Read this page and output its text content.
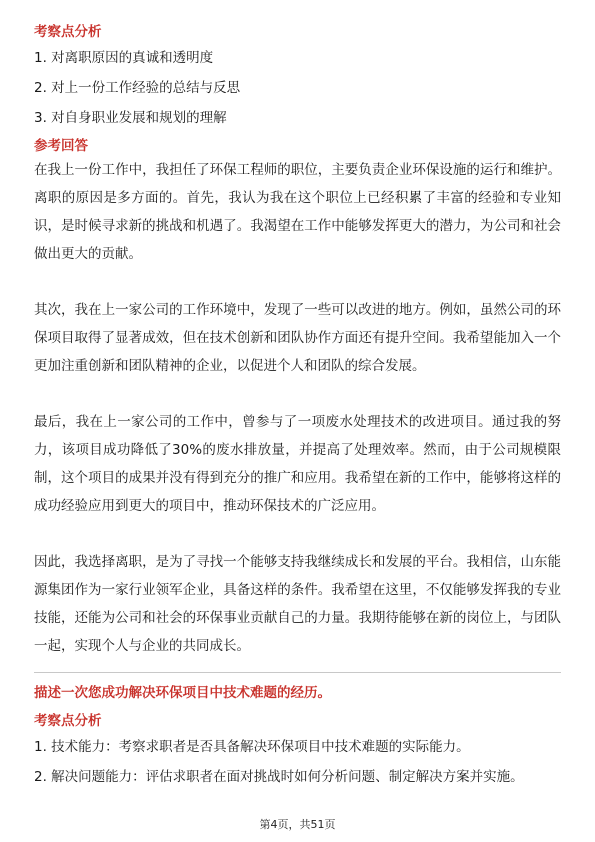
考察点分析

1. 对离职原因的真诚和透明度

2. 对上一份工作经验的总结与反思

3. 对自身职业发展和规划的理解

参考回答

在我上一份工作中，我担任了环保工程师的职位，主要负责企业环保设施的运行和维护。离职的原因是多方面的。首先，我认为我在这个职位上已经积累了丰富的经验和专业知识，是时候寻求新的挑战和机遇了。我渴望在工作中能够发挥更大的潜力，为公司和社会做出更大的贡献。

其次，我在上一家公司的工作环境中，发现了一些可以改进的地方。例如，虽然公司的环保项目取得了显著成效，但在技术创新和团队协作方面还有提升空间。我希望能加入一个更加注重创新和团队精神的企业，以促进个人和团队的综合发展。

最后，我在上一家公司的工作中，曾参与了一项废水处理技术的改进项目。通过我的努力，该项目成功降低了30%的废水排放量，并提高了处理效率。然而，由于公司规模限制，这个项目的成果并没有得到充分的推广和应用。我希望在新的工作中，能够将这样的成功经验应用到更大的项目中，推动环保技术的广泛应用。

因此，我选择离职，是为了寻找一个能够支持我继续成长和发展的平台。我相信，山东能源集团作为一家行业领军企业，具备这样的条件。我希望在这里，不仅能够发挥我的专业技能，还能为公司和社会的环保事业贡献自己的力量。我期待能够在新的岗位上，与团队一起，实现个人与企业的共同成长。

描述一次您成功解决环保项目中技术难题的经历。
考察点分析

1. 技术能力：考察求职者是否具备解决环保项目中技术难题的实际能力。

2. 解决问题能力：评估求职者在面对挑战时如何分析问题、制定解决方案并实施。

第4页，共51页
